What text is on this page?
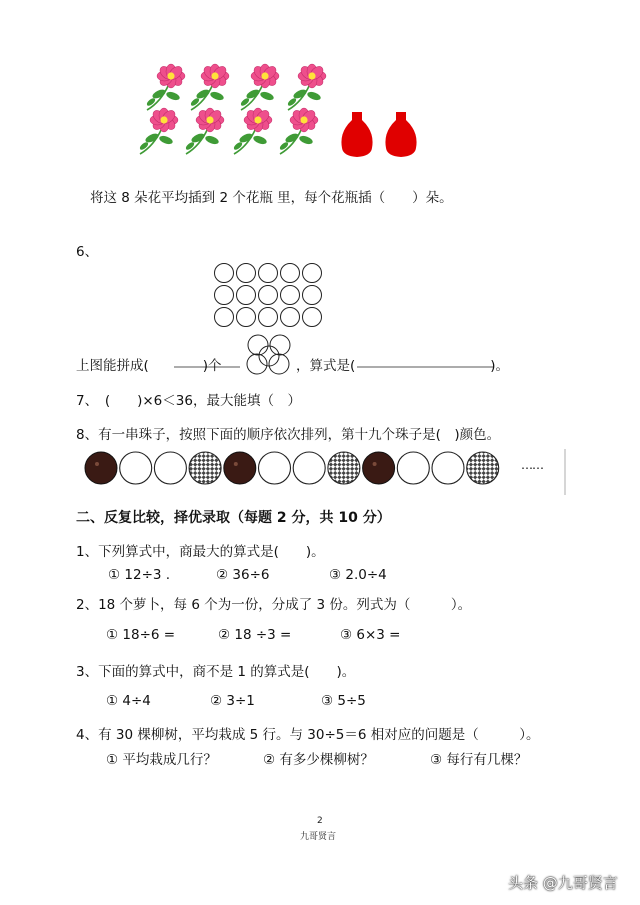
将这 8 朵花平均插到 2 个花瓶 里，每个花瓶插（　　）朵。
6、
上图能拼成(　　　　)个	，算式是(　　　　　　　　　　)。
7、　(　　)×6＜36，最大能填（　）
8、有一串珠子，按照下面的顺序依次排列，第十九个珠子是(　)颜色。
……
二、反复比较，择优录取（每题 2 分，共 10 分）
1、下列算式中，商最大的算式是(　　)。
① 12÷3 .	② 36÷6	③ 2.0÷4
2、18 个萝卜，每 6 个为一份，分成了 3 份。列式为（　　　）。
① 18÷6 =	② 18 ÷3 =	③ 6×3 =
3、下面的算式中，商不是 1 的算式是(　　)。
① 4÷4	② 3÷1	③ 5÷5
4、有 30 棵柳树，平均栽成 5 行。与 30÷5＝6 相对应的问题是（　　　）。
① 平均栽成几行？	② 有多少棵柳树？	③ 每行有几棵？
2
九哥贤言
头条 @九哥贤言
